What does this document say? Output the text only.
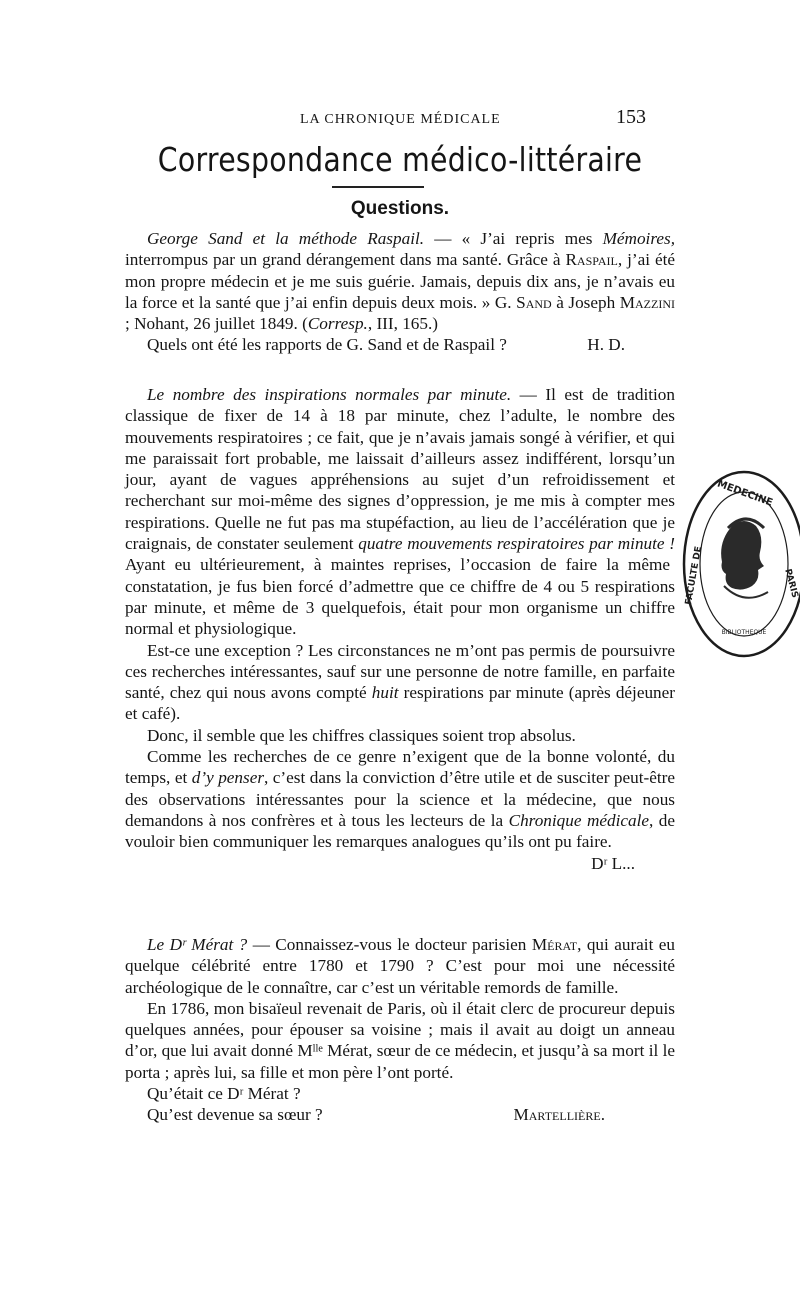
LA CHRONIQUE MÉDICALE	153
Correspondance médico-littéraire
Questions.

George Sand et la méthode Raspail. — « J’ai repris mes Mémoires, interrompus par un grand dérangement dans ma santé. Grâce à Raspail, j’ai été mon propre médecin et je me suis guérie. Jamais, depuis dix ans, je n’avais eu la force et la santé que j’ai enfin depuis deux mois. » G. Sand à Joseph Mazzini ; Nohant, 26 juillet 1849. (Corresp., III, 165.)

Quels ont été les rapports de G. Sand et de Raspail ?	H. D.

Le nombre des inspirations normales par minute. — Il est de tradition classique de fixer de 14 à 18 par minute, chez l’adulte, le nombre des mouvements respiratoires ; ce fait, que je n’avais jamais songé à vérifier, et qui me paraissait fort probable, me laissait d’ailleurs assez indifférent, lorsqu’un jour, ayant de vagues appréhensions au sujet d’un refroidissement et recherchant sur moi-même des signes d’oppression, je me mis à compter mes respirations. Quelle ne fut pas ma stupéfaction, au lieu de l’accélération que je craignais, de constater seulement quatre mouvements respiratoires par minute ! Ayant eu ultérieurement, à maintes reprises, l’occasion de faire la même constatation, je fus bien forcé d’admettre que ce chiffre de 4 ou 5 respirations par minute, et même de 3 quelquefois, était pour mon organisme un chiffre normal et physiologique.

Est-ce une exception ? Les circonstances ne m’ont pas permis de poursuivre ces recherches intéressantes, sauf sur une personne de notre famille, en parfaite santé, chez qui nous avons compté huit respirations par minute (après déjeuner et café).

Donc, il semble que les chiffres classiques soient trop absolus.

Comme les recherches de ce genre n’exigent que de la bonne volonté, du temps, et d’y penser, c’est dans la conviction d’être utile et de susciter peut-être des observations intéressantes pour la science et la médecine, que nous demandons à nos confrères et à tous les lecteurs de la Chronique médicale, de vouloir bien communiquer les remarques analogues qu’ils ont pu faire.

Dʳ L...

Le Dʳ Mérat ? — Connaissez-vous le docteur parisien Mérat, qui aurait eu quelque célébrité entre 1780 et 1790 ? C’est pour moi une nécessité archéologique de le connaître, car c’est un véritable remords de famille.

En 1786, mon bisaïeul revenait de Paris, où il était clerc de procureur depuis quelques années, pour épouser sa voisine ; mais il avait au doigt un anneau d’or, que lui avait donné Mˡˡᵉ Mérat, sœur de ce médecin, et jusqu’à sa mort il le porta ; après lui, sa fille et mon père l’ont porté.

Qu’était ce Dʳ Mérat ?

Qu’est devenue sa sœur ?	Martellière.
MEDECINE
FACULTE DE	PARIS
BIBLIOTHEQUE
